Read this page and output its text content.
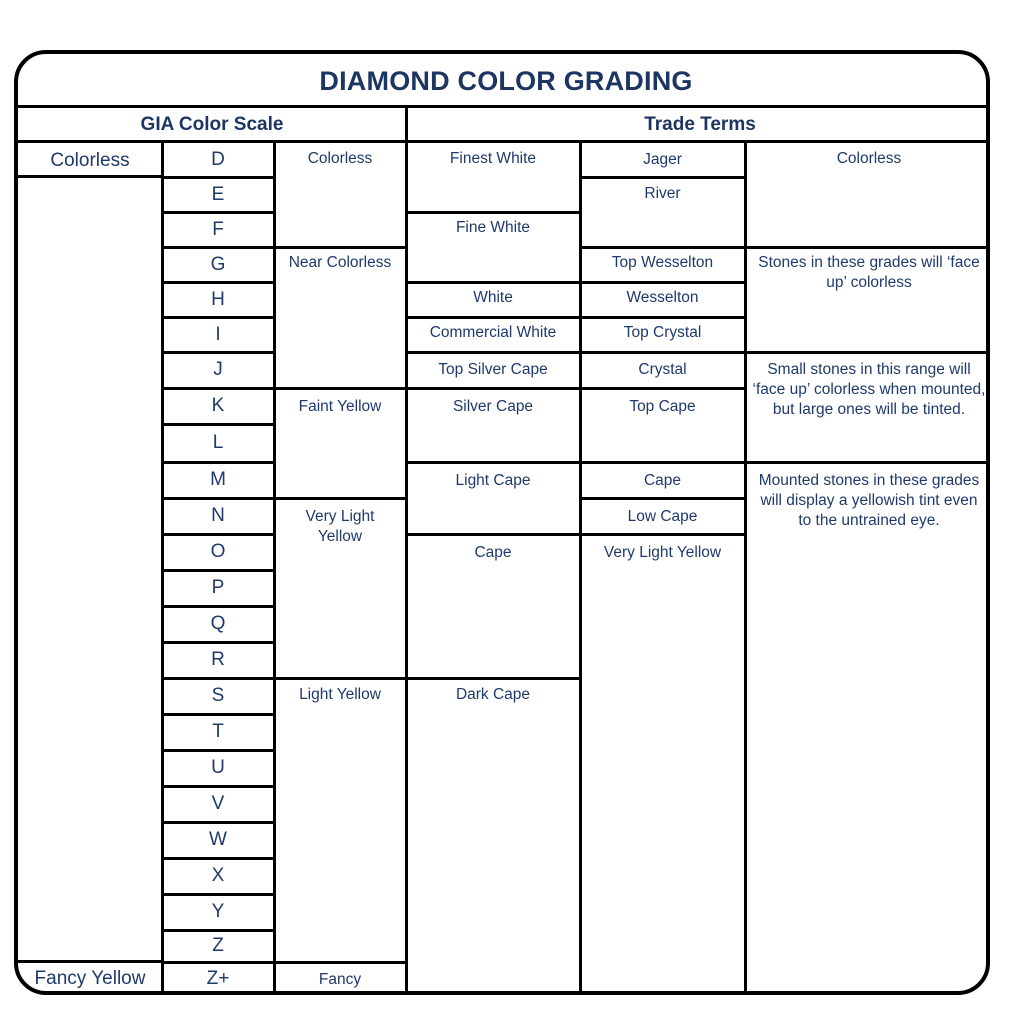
DIAMOND COLOR GRADING
GIA Color Scale	Trade Terms
Colorless
Fancy Yellow
D
E
F
G
H
I
J
K
L
M
N
O
P
Q
R
S
T
U
V
W
X
Y
Z
Z+
Colorless
Near Colorless
Faint Yellow
Very Light Yellow
Light Yellow
Fancy
Finest White
Fine White
White
Commercial White
Top Silver Cape
Silver Cape
Light Cape
Cape
Dark Cape
Jager
River
Top Wesselton
Wesselton
Top Crystal
Crystal
Top Cape
Cape
Low Cape
Very Light Yellow
Colorless
Stones in these grades will ‘face up’ colorless
Small stones in this range will ‘face up’ colorless when mounted, but large ones will be tinted.
Mounted stones in these grades will display a yellowish tint even to the untrained eye.
